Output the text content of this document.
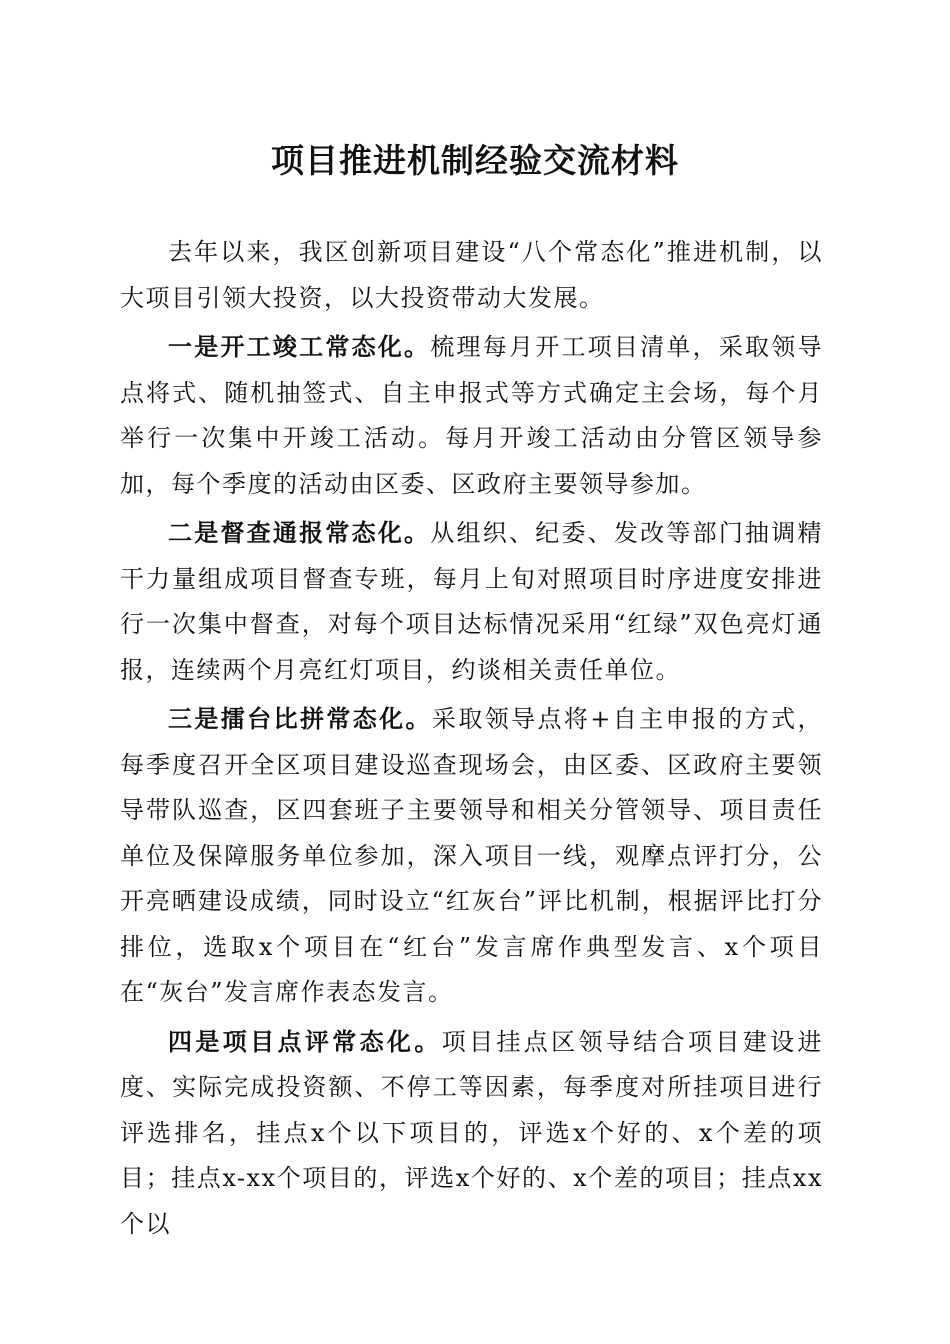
项目推进机制经验交流材料

去年以来，我区创新项目建设“八个常态化”推进机制，以大项目引领大投资，以大投资带动大发展。

一是开工竣工常态化。梳理每月开工项目清单，采取领导点将式、随机抽签式、自主申报式等方式确定主会场，每个月举行一次集中开竣工活动。每月开竣工活动由分管区领导参加，每个季度的活动由区委、区政府主要领导参加。

二是督查通报常态化。从组织、纪委、发改等部门抽调精干力量组成项目督查专班，每月上旬对照项目时序进度安排进行一次集中督查，对每个项目达标情况采用“红绿”双色亮灯通报，连续两个月亮红灯项目，约谈相关责任单位。

三是擂台比拼常态化。采取领导点将+自主申报的方式，每季度召开全区项目建设巡查现场会，由区委、区政府主要领导带队巡查，区四套班子主要领导和相关分管领导、项目责任单位及保障服务单位参加，深入项目一线，观摩点评打分，公开亮晒建设成绩，同时设立“红灰台”评比机制，根据评比打分排位，选取x个项目在“红台”发言席作典型发言、x个项目在“灰台”发言席作表态发言。

四是项目点评常态化。项目挂点区领导结合项目建设进度、实际完成投资额、不停工等因素，每季度对所挂项目进行评选排名，挂点x个以下项目的，评选x个好的、x个差的项目；挂点x-xx个项目的，评选x个好的、x个差的项目；挂点xx个以
